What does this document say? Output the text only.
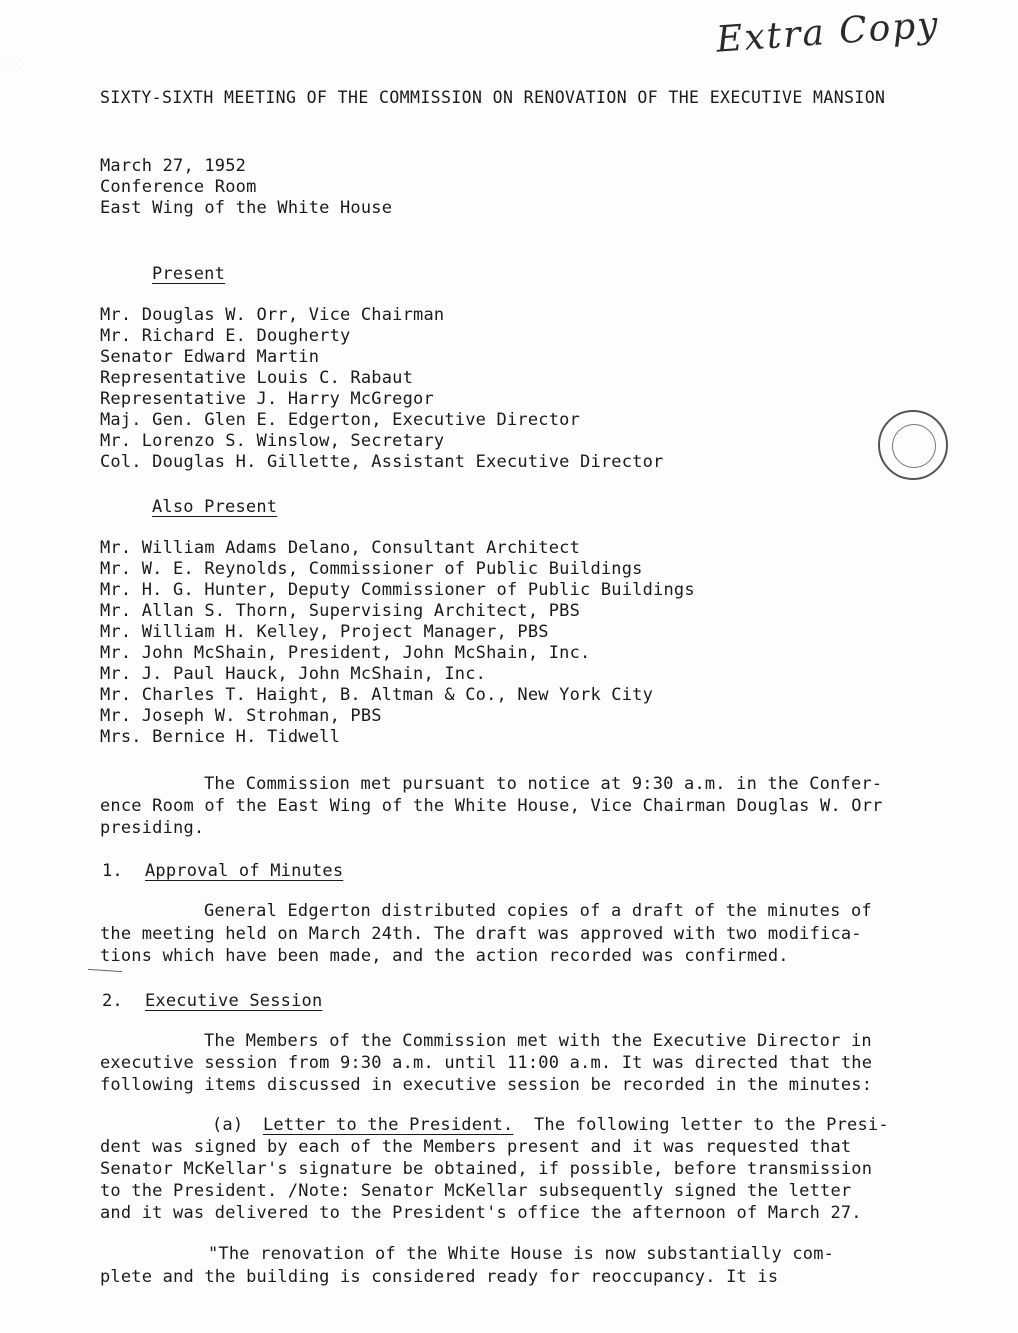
· · ·
Extra Copy
SIXTY-SIXTH MEETING OF THE COMMISSION ON RENOVATION OF THE EXECUTIVE MANSION
March 27, 1952
Conference Room
East Wing of the White House
Present
Mr. Douglas W. Orr, Vice Chairman
Mr. Richard E. Dougherty
Senator Edward Martin
Representative Louis C. Rabaut
Representative J. Harry McGregor
Maj. Gen. Glen E. Edgerton, Executive Director
Mr. Lorenzo S. Winslow, Secretary
Col. Douglas H. Gillette, Assistant Executive Director
Also Present
Mr. William Adams Delano, Consultant Architect
Mr. W. E. Reynolds, Commissioner of Public Buildings
Mr. H. G. Hunter, Deputy Commissioner of Public Buildings
Mr. Allan S. Thorn, Supervising Architect, PBS
Mr. William H. Kelley, Project Manager, PBS
Mr. John McShain, President, John McShain, Inc.
Mr. J. Paul Hauck, John McShain, Inc.
Mr. Charles T. Haight, B. Altman & Co., New York City
Mr. Joseph W. Strohman, PBS
Mrs. Bernice H. Tidwell
The Commission met pursuant to notice at 9:30 a.m. in the Confer-
ence Room of the East Wing of the White House, Vice Chairman Douglas W. Orr
presiding.
1. Approval of Minutes
General Edgerton distributed copies of a draft of the minutes of
the meeting held on March 24th. The draft was approved with two modifica-
tions which have been made, and the action recorded was confirmed.
2. Executive Session
The Members of the Commission met with the Executive Director in
executive session from 9:30 a.m. until 11:00 a.m. It was directed that the
following items discussed in executive session be recorded in the minutes:
(a) Letter to the President. The following letter to the Presi-
dent was signed by each of the Members present and it was requested that
Senator McKellar's signature be obtained, if possible, before transmission
to the President. /Note: Senator McKellar subsequently signed the letter
and it was delivered to the President's office the afternoon of March 27.
"The renovation of the White House is now substantially com-
plete and the building is considered ready for reoccupancy. It is
